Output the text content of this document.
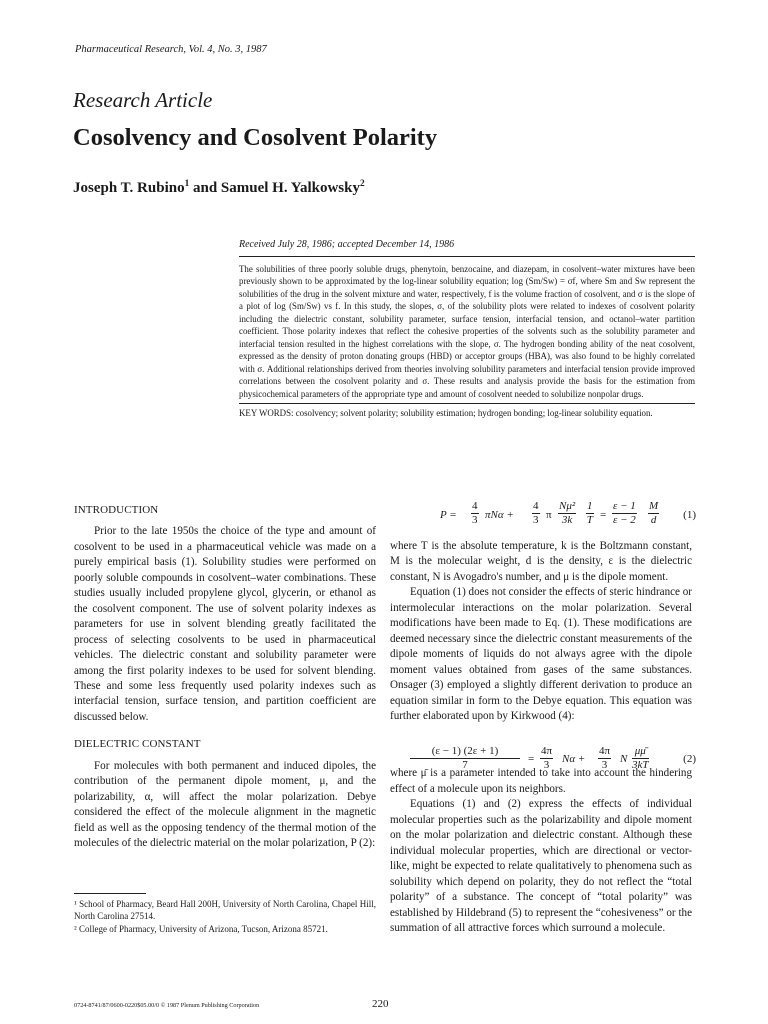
Pharmaceutical Research, Vol. 4, No. 3, 1987
Research Article
Cosolvency and Cosolvent Polarity
Joseph T. Rubino$^1$ and Samuel H. Yalkowsky$^2$
Received July 28, 1986; accepted December 14, 1986

The solubilities of three poorly soluble drugs, phenytoin, benzocaine, and diazepam, in cosolvent–water mixtures have been previously shown to be approximated by the log-linear solubility equation; log (Sm/Sw) = σf, where Sm and Sw represent the solubilities of the drug in the solvent mixture and water, respectively, f is the volume fraction of cosolvent, and σ is the slope of a plot of log (Sm/Sw) vs f. In this study, the slopes, σ, of the solubility plots were related to indexes of cosolvent polarity including the dielectric constant, solubility parameter, surface tension, interfacial tension, and octanol–water partition coefficient. Those polarity indexes that reflect the cohesive properties of the solvents such as the solubility parameter and interfacial tension resulted in the highest correlations with the slope, σ. The hydrogen bonding ability of the neat cosolvent, expressed as the density of proton donating groups (HBD) or acceptor groups (HBA), was also found to be highly correlated with σ. Additional relationships derived from theories involving solubility parameters and interfacial tension provide improved correlations between the cosolvent polarity and σ. These results and analysis provide the basis for the estimation from physicochemical parameters of the appropriate type and amount of cosolvent needed to solubilize nonpolar drugs.

KEY WORDS: cosolvency; solvent polarity; solubility estimation; hydrogen bonding; log-linear solubility equation.

INTRODUCTION

Prior to the late 1950s the choice of the type and amount of cosolvent to be used in a pharmaceutical vehicle was made on a purely empirical basis (1). Solubility studies were performed on poorly soluble compounds in cosolvent–water combinations. These studies usually included propylene glycol, glycerin, or ethanol as the cosolvent component. The use of solvent polarity indexes as parameters for use in solvent blending greatly facilitated the process of selecting cosolvents to be used in pharmaceutical vehicles. The dielectric constant and solubility parameter were among the first polarity indexes to be used for solvent blending. These and some less frequently used polarity indexes such as interfacial tension, surface tension, and partition coefficient are discussed below.

DIELECTRIC CONSTANT

For molecules with both permanent and induced dipoles, the contribution of the permanent dipole moment, μ, and the polarizability, α, will affect the molar polarization. Debye considered the effect of the molecule alignment in the magnetic field as well as the opposing tendency of the thermal motion of the molecules of the dielectric material on the molar polarization, P (2):

$P = \frac{4}{3}$ $\pi N\alpha + \frac{4}{3}$ π $\frac{\text{Nμ²}}{3k} \frac{1}{T} = \frac{\varepsilon - 1}{\varepsilon - 2} \frac{M}{d} (1)$

where T is the absolute temperature, k is the Boltzmann constant, M is the molecular weight, d is the density, ε is the dielectric constant, N is Avogadro's number, and μ is the dipole moment.

Equation (1) does not consider the effects of steric hindrance or intermolecular interactions on the molar polarization. Several modifications have been made to Eq. (1). These modifications are deemed necessary since the dielectric constant measurements of the dipole moments of liquids do not always agree with the dipole moment values obtained from gases of the same substances. Onsager (3) employed a slightly different derivation to produce an equation similar in form to the Debye equation. This equation was further elaborated upon by Kirkwood (4):

where μ̄ is a parameter intended to take into account the hindering effect of a molecule upon its neighbors.

Equations (1) and (2) express the effects of individual molecular properties such as the polarizability and dipole moment on the molar polarization and dielectric constant. Although these individual molecular properties, which are directional or vector-like, might be expected to relate qualitatively to phenomena such as solubility which depend on polarity, they do not reflect the “total polarity” of a substance. The concept of “total polarity” was established by Hildebrand (5) to represent the “cohesiveness” or the summation of all attractive forces which surround a molecule.

$\frac{(\varepsilon - 1) (2\varepsilon + 1)}{7} = \frac{4\pi}{3}$ $N\alpha + \frac{4\pi}{3}$ N $\frac{\mu\mū}{3kT}$	(2)

¹ School of Pharmacy, Beard Hall 200H, University of North Carolina, Chapel Hill, North Carolina 27514.

² College of Pharmacy, University of Arizona, Tucson, Arizona 85721.

0724-8741/87/0600-0220$05.00/0 © 1987 Plenum Publishing Corporation	220
